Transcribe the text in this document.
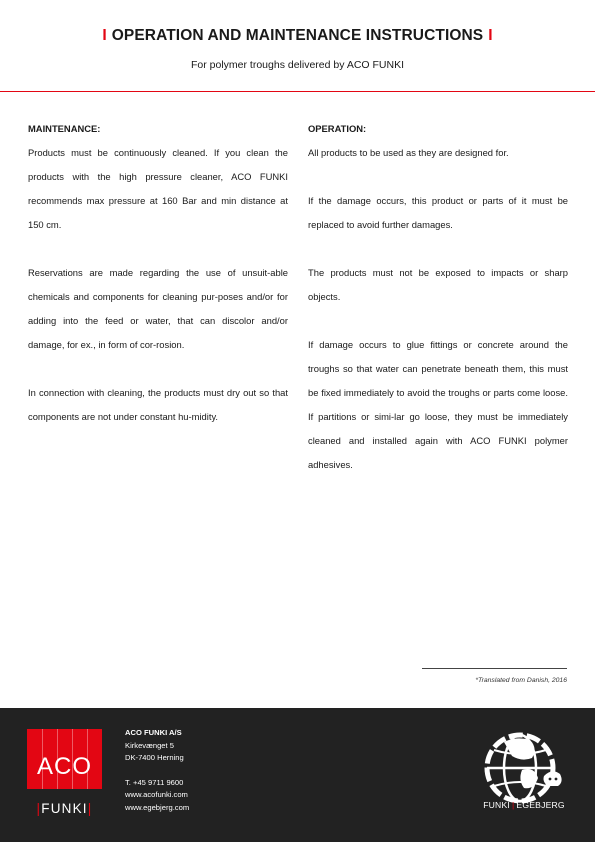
I OPERATION AND MAINTENANCE INSTRUCTIONS I
For polymer troughs delivered by ACO FUNKI
MAINTENANCE:

Products must be continuously cleaned. If you clean the products with the high pressure cleaner, ACO FUNKI recommends max pressure at 160 Bar and min distance at 150 cm.

Reservations are made regarding the use of unsuit-able chemicals and components for cleaning pur-poses and/or for adding into the feed or water, that can discolor and/or damage, for ex., in form of cor-rosion.

In connection with cleaning, the products must dry out so that components are not under constant hu-midity.

OPERATION:

All products to be used as they are designed for.

If the damage occurs, this product or parts of it must be replaced to avoid further damages.

The products must not be exposed to impacts or sharp objects.

If damage occurs to glue fittings or concrete around the troughs so that water can penetrate beneath them, this must be fixed immediately to avoid the troughs or parts come loose. If partitions or simi-lar go loose, they must be immediately cleaned and installed again with ACO FUNKI polymer adhesives.

*Translated from Danish, 2016
ACO
|FUNKI|
ACO FUNKI A/S
Kirkevænget 5
DK-7400 Herning
T. +45 9711 9600
www.acofunki.com
www.egebjerg.com	FUNKI | EGEBJERG
